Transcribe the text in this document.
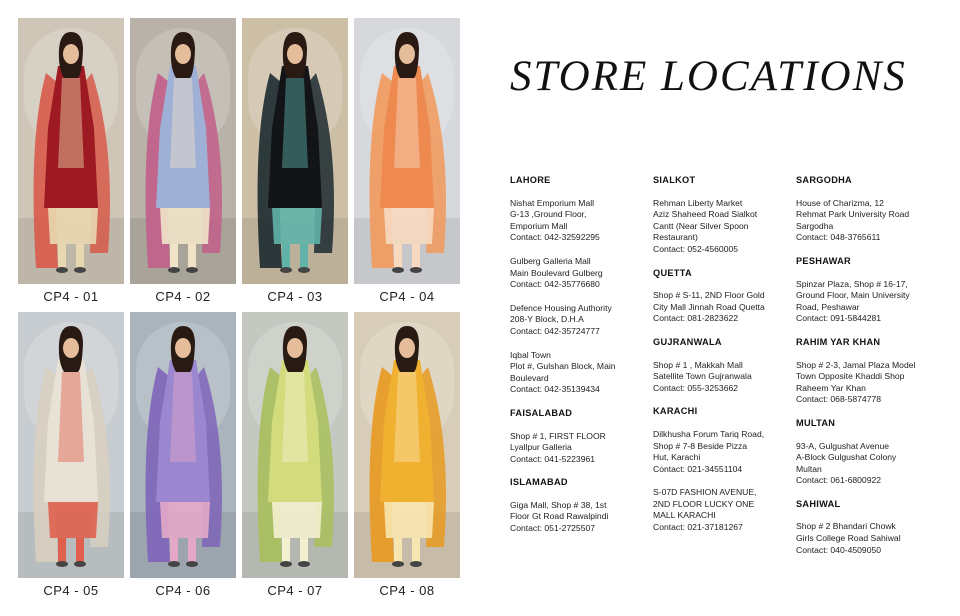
CP4 - 01	CP4 - 02	CP4 - 03	CP4 - 04
CP4 - 05	CP4 - 06	CP4 - 07	CP4 - 08
STORE LOCATIONS
LAHORE
Nishat Emporium Mall
G-13 ,Ground Floor,
Emporium Mall
Contact: 042-32592295
Gulberg Galleria Mall
Main Boulevard Gulberg
Contact: 042-35776680
Defence Housing Authority
208-Y Block, D.H.A
Contact: 042-35724777
Iqbal Town
Plot #, Gulshan Block, Main
Boulevard
Contact: 042-35139434
FAISALABAD
Shop # 1, FIRST FLOOR
Lyallpur Galleria
Contact: 041-5223961
ISLAMABAD
Giga Mall, Shop # 38, 1st
Floor Gt Road Rawalpindi
Contact: 051-2725507
SIALKOT
Rehman Liberty Market
Aziz Shaheed Road Sialkot
Cantt (Near Silver Spoon
Restaurant)
Contact: 052-4560005
QUETTA
Shop # S-11, 2ND Floor Gold
City Mall Jinnah Road Quetta
Contact: 081-2823622
GUJRANWALA
Shop # 1 , Makkah Mall
Satellite Town Gujranwala
Contact: 055-3253662
KARACHI
Dilkhusha Forum Tariq Road,
Shop # 7-8 Beside Pizza
Hut, Karachi
Contact: 021-34551104
S-07D FASHION AVENUE,
2ND FLOOR LUCKY ONE
MALL KARACHI
Contact: 021-37181267
SARGODHA
House of Charizma, 12
Rehmat Park University Road
Sargodha
Contact: 048-3765611
PESHAWAR
Spinzar Plaza, Shop # 16-17,
Ground Floor, Main University
Road, Peshawar
Contact: 091-5844281
RAHIM YAR KHAN
Shop # 2-3, Jamal Plaza Model
Town Opposite Khaddi Shop
Raheem Yar Khan
Contact: 068-5874778
MULTAN
93-A, Gulgushat Avenue
A-Block Gulgushat Colony
Multan
Contact: 061-6800922
SAHIWAL
Shop # 2 Bhandari Chowk
Girls College Road Sahiwal
Contact: 040-4509050
